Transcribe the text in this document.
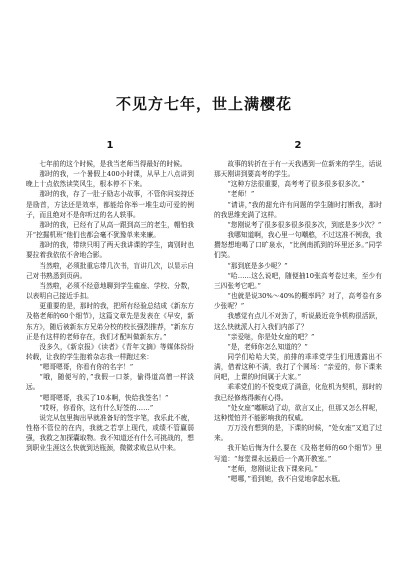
不见方七年，世上满樱花
1

七年前的这个时候，是我当老师当得最好的时候。

那时的我，一个暑假上400小时课，从早上八点讲到晚上十点依然读笑风生，根本停不下来。

那时的我，存了一肚子励志小故事，不管你问妄持还是励首，方法还是效率，都能给你举一堆生动可爱的例子，而且绝对不是你听过的名人轶事。

那时的我，已经有了从高一跟到高三的老生，帽怕我开“挖掘机班”他们也都会毫不犹豫单来来廉。

那时的我，带续只明了两天我讲课的学生，离别时也要拉着我依依不舍地合影。

当然啦，必须批重忘带几次书，盲讲几次，以显示自己对书熟悉到页码。

当然啦，必须不经意地聊到学生雇座、学校、分数，以表明自己接近手扣。

更重要的是，那时的我，把所有经验总结成《新东方及格老师的60个细节》，这篇文章先是发表在《早安，新东方》，随后被新东方兄弟分校的校长强烈推荐，“新东方正是有这样的老师存在，我们才配叫做新东方。”

没多久，《新京报》《读者》《青年文摘》等媒体纷纷转载，让我的学生抱着杂志我一样跑过来：

“嗯哥嗯哥，你看有你的名字！”

“哦，随便写的，”我假一口茶，偷得道高僧一样淡远。

“嗯哥嗯哥，我买了10本啊，快给我签名！”

“哎呀，你看你，这有什么好签的……”

说完从包里掏出早就准备好的签字笔，我乐此不疲，性格不管位的在内，我就之若享上现代，或绩不管赢弱强，我救之加探囊取物。我不知道还有什么可挑战的，想到职业生涯这么快就到达瓶颈，微微求败总从中来。

2

故事的转折在于有一天我遇到一位新来的学生，话说那天刚讲到要高考的学生。

“这种方法很重要，高考考了很多很多很多次。”

“老师！”

“请讲，”我的甜允许有问题的学生随时打断我，那时的我思维充满了这样。

“您刚说考了很多很多很多很多次，到底是多少次？”

我哪知道啊，我心里一句嘲憨，不过这准不例我，我攒怒想地喝了口旷泉水，“比例南抓到的环里还多。”同学们笑。

“那到底是多少呢？”

“哈……这么说吧，随便抽10张高考卷过来，至少有三四张考它吧。”

“也就是说30%～40%的概率吗？对了，高考卷有多少张呢？”

我感觉有点儿不对劲了，听说最近竞争机构很活跃，这么快就派人打入我们内部了？

“亲爱哒，你是处女座的吧？”

“是，老师你怎么知道的？”

同学们哈哈大笑，前排的乖乖党学生们甩透露出不满，借着这种不满，我打了个圆场：“亲爱的，你下课来问吧，上课的时间属于大家。”

乖乖党们的不悦变成了满意，化危机为契机，那时的我已经修炼得颇有心得。

“处女座”嘟顺动了动，欲言又止，但那又怎么样呢，这种慌怕并不能影响我的权威。

万万没有想到的是，下课的时候，“处女座”又追了过来。

我开始后悔为什么要在《及格老师的60个细节》里写道：“每堂课永远最后一个离开教室。”

“老师，您刚说让我下课来问。”

“嗯哪，”看到她，我不自觉地拿起水瓶。
